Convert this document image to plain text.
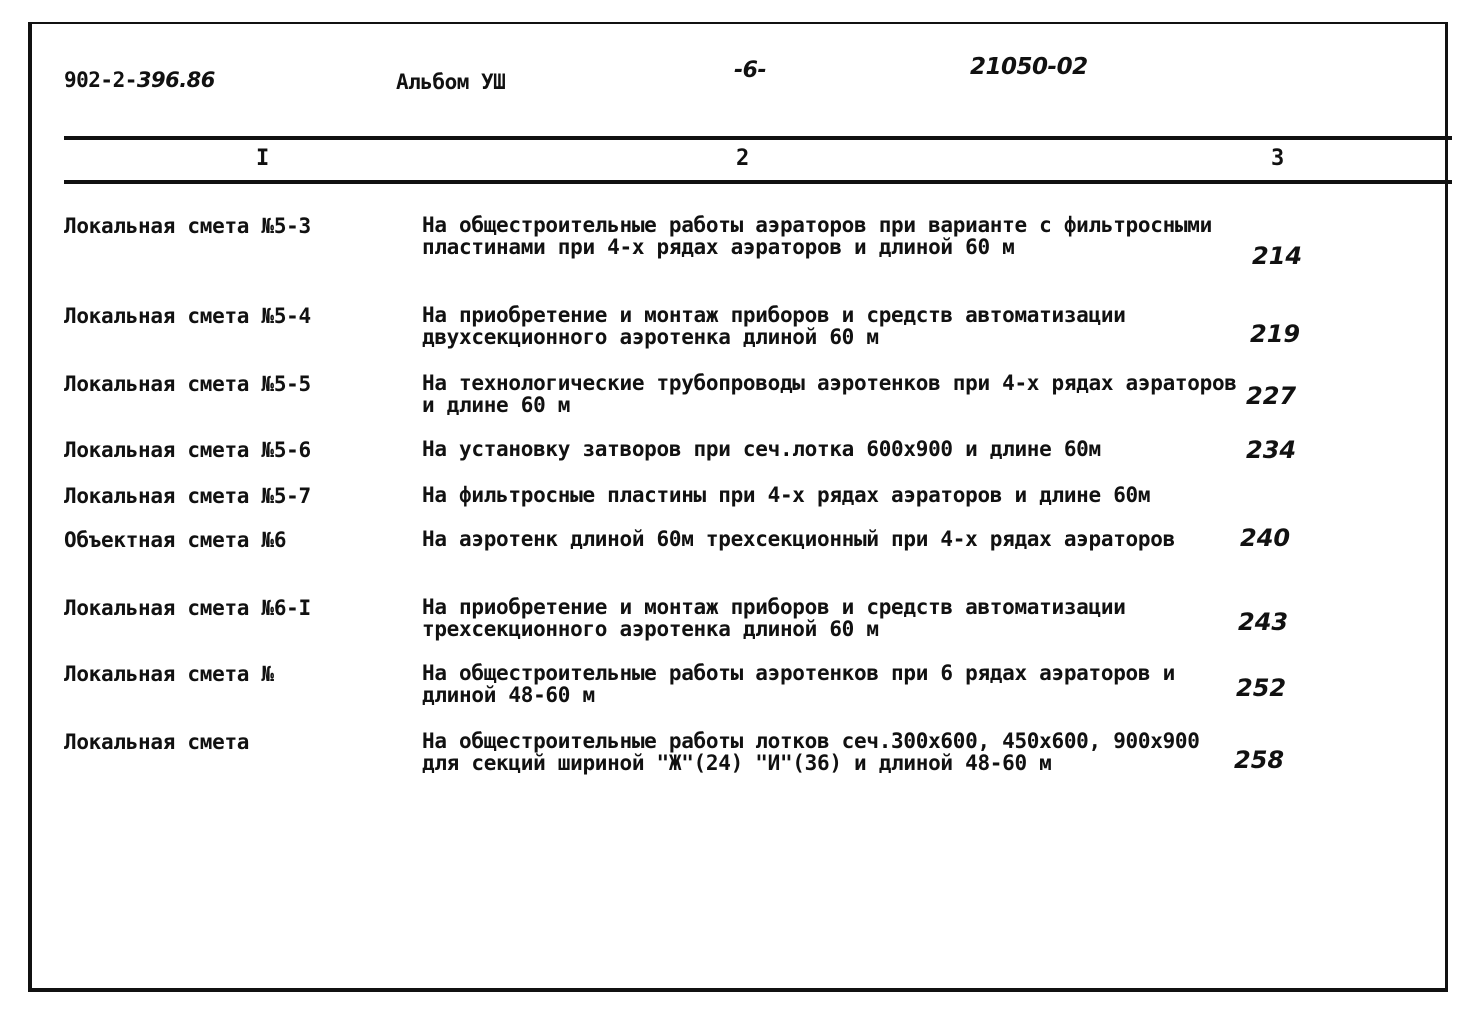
902-2-396.86	Альбом УШ	-6-	21050-02
I	2	3
Локальная смета №5-3	На общестроительные работы аэраторов при варианте с фильтросными пластинами при 4-х рядах аэраторов и длиной 60 м	214
Локальная смета №5-4	На приобретение и монтаж приборов и средств автоматизации двухсекционного аэротенка длиной 60 м	219
Локальная смета №5-5	На технологические трубопроводы аэротенков при 4-х рядах аэраторов и длине 60 м	227
Локальная смета №5-6	На установку затворов при сеч.лотка 600х900 и длине 60м	234
Локальная смета №5-7	На фильтросные пластины при 4-х рядах аэраторов и длине 60м
Объектная смета №6	На аэротенк длиной 60м трехсекционный при 4-х рядах аэраторов	240
Локальная смета №6-I	На приобретение и монтаж приборов и средств автоматизации трехсекционного аэротенка длиной 60 м	243
Локальная смета №	На общестроительные работы аэротенков при 6 рядах аэраторов и длиной 48-60 м	252
Локальная смета	На общестроительные работы лотков сеч.300х600, 450х600, 900х900 для секций шириной "Ж"(24) "И"(36) и длиной 48-60 м	258
